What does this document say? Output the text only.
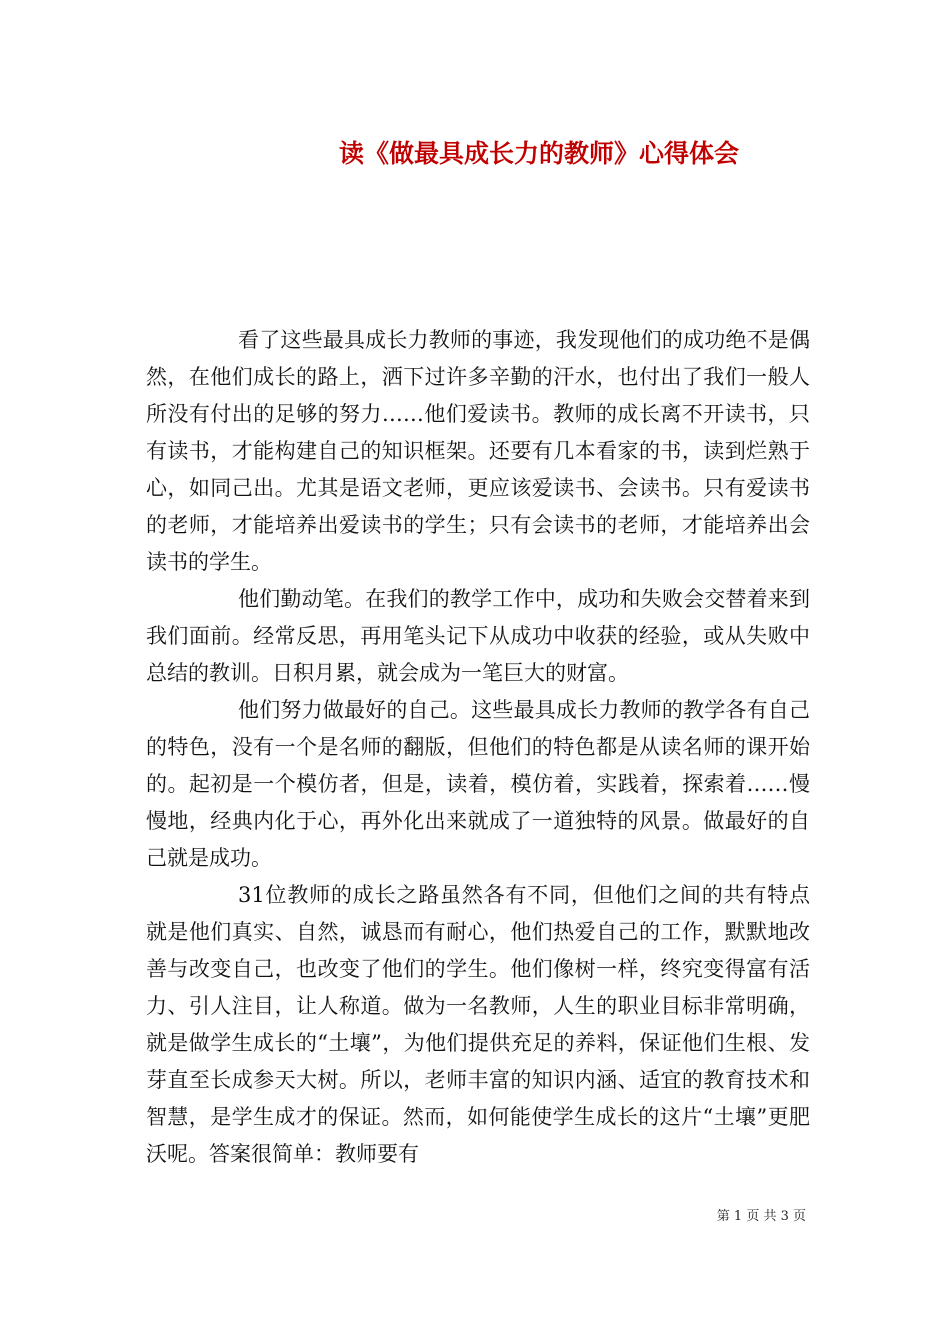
读《做最具成长力的教师》心得体会

看了这些最具成长力教师的事迹，我发现他们的成功绝不是偶然，在他们成长的路上，洒下过许多辛勤的汗水，也付出了我们一般人所没有付出的足够的努力……他们爱读书。教师的成长离不开读书，只有读书，才能构建自己的知识框架。还要有几本看家的书，读到烂熟于心，如同己出。尤其是语文老师，更应该爱读书、会读书。只有爱读书的老师，才能培养出爱读书的学生；只有会读书的老师，才能培养出会读书的学生。

他们勤动笔。在我们的教学工作中，成功和失败会交替着来到我们面前。经常反思，再用笔头记下从成功中收获的经验，或从失败中总结的教训。日积月累，就会成为一笔巨大的财富。

他们努力做最好的自己。这些最具成长力教师的教学各有自己的特色，没有一个是名师的翻版，但他们的特色都是从读名师的课开始的。起初是一个模仿者，但是，读着，模仿着，实践着，探索着……慢慢地，经典内化于心，再外化出来就成了一道独特的风景。做最好的自己就是成功。

31位教师的成长之路虽然各有不同，但他们之间的共有特点就是他们真实、自然，诚恳而有耐心，他们热爱自己的工作，默默地改善与改变自己，也改变了他们的学生。他们像树一样，终究变得富有活力、引人注目，让人称道。做为一名教师，人生的职业目标非常明确，就是做学生成长的“土壤”，为他们提供充足的养料，保证他们生根、发芽直至长成参天大树。所以，老师丰富的知识内涵、适宜的教育技术和智慧，是学生成才的保证。然而，如何能使学生成长的这片“土壤”更肥沃呢。答案很简单：教师要有

第 1 页 共 3 页
